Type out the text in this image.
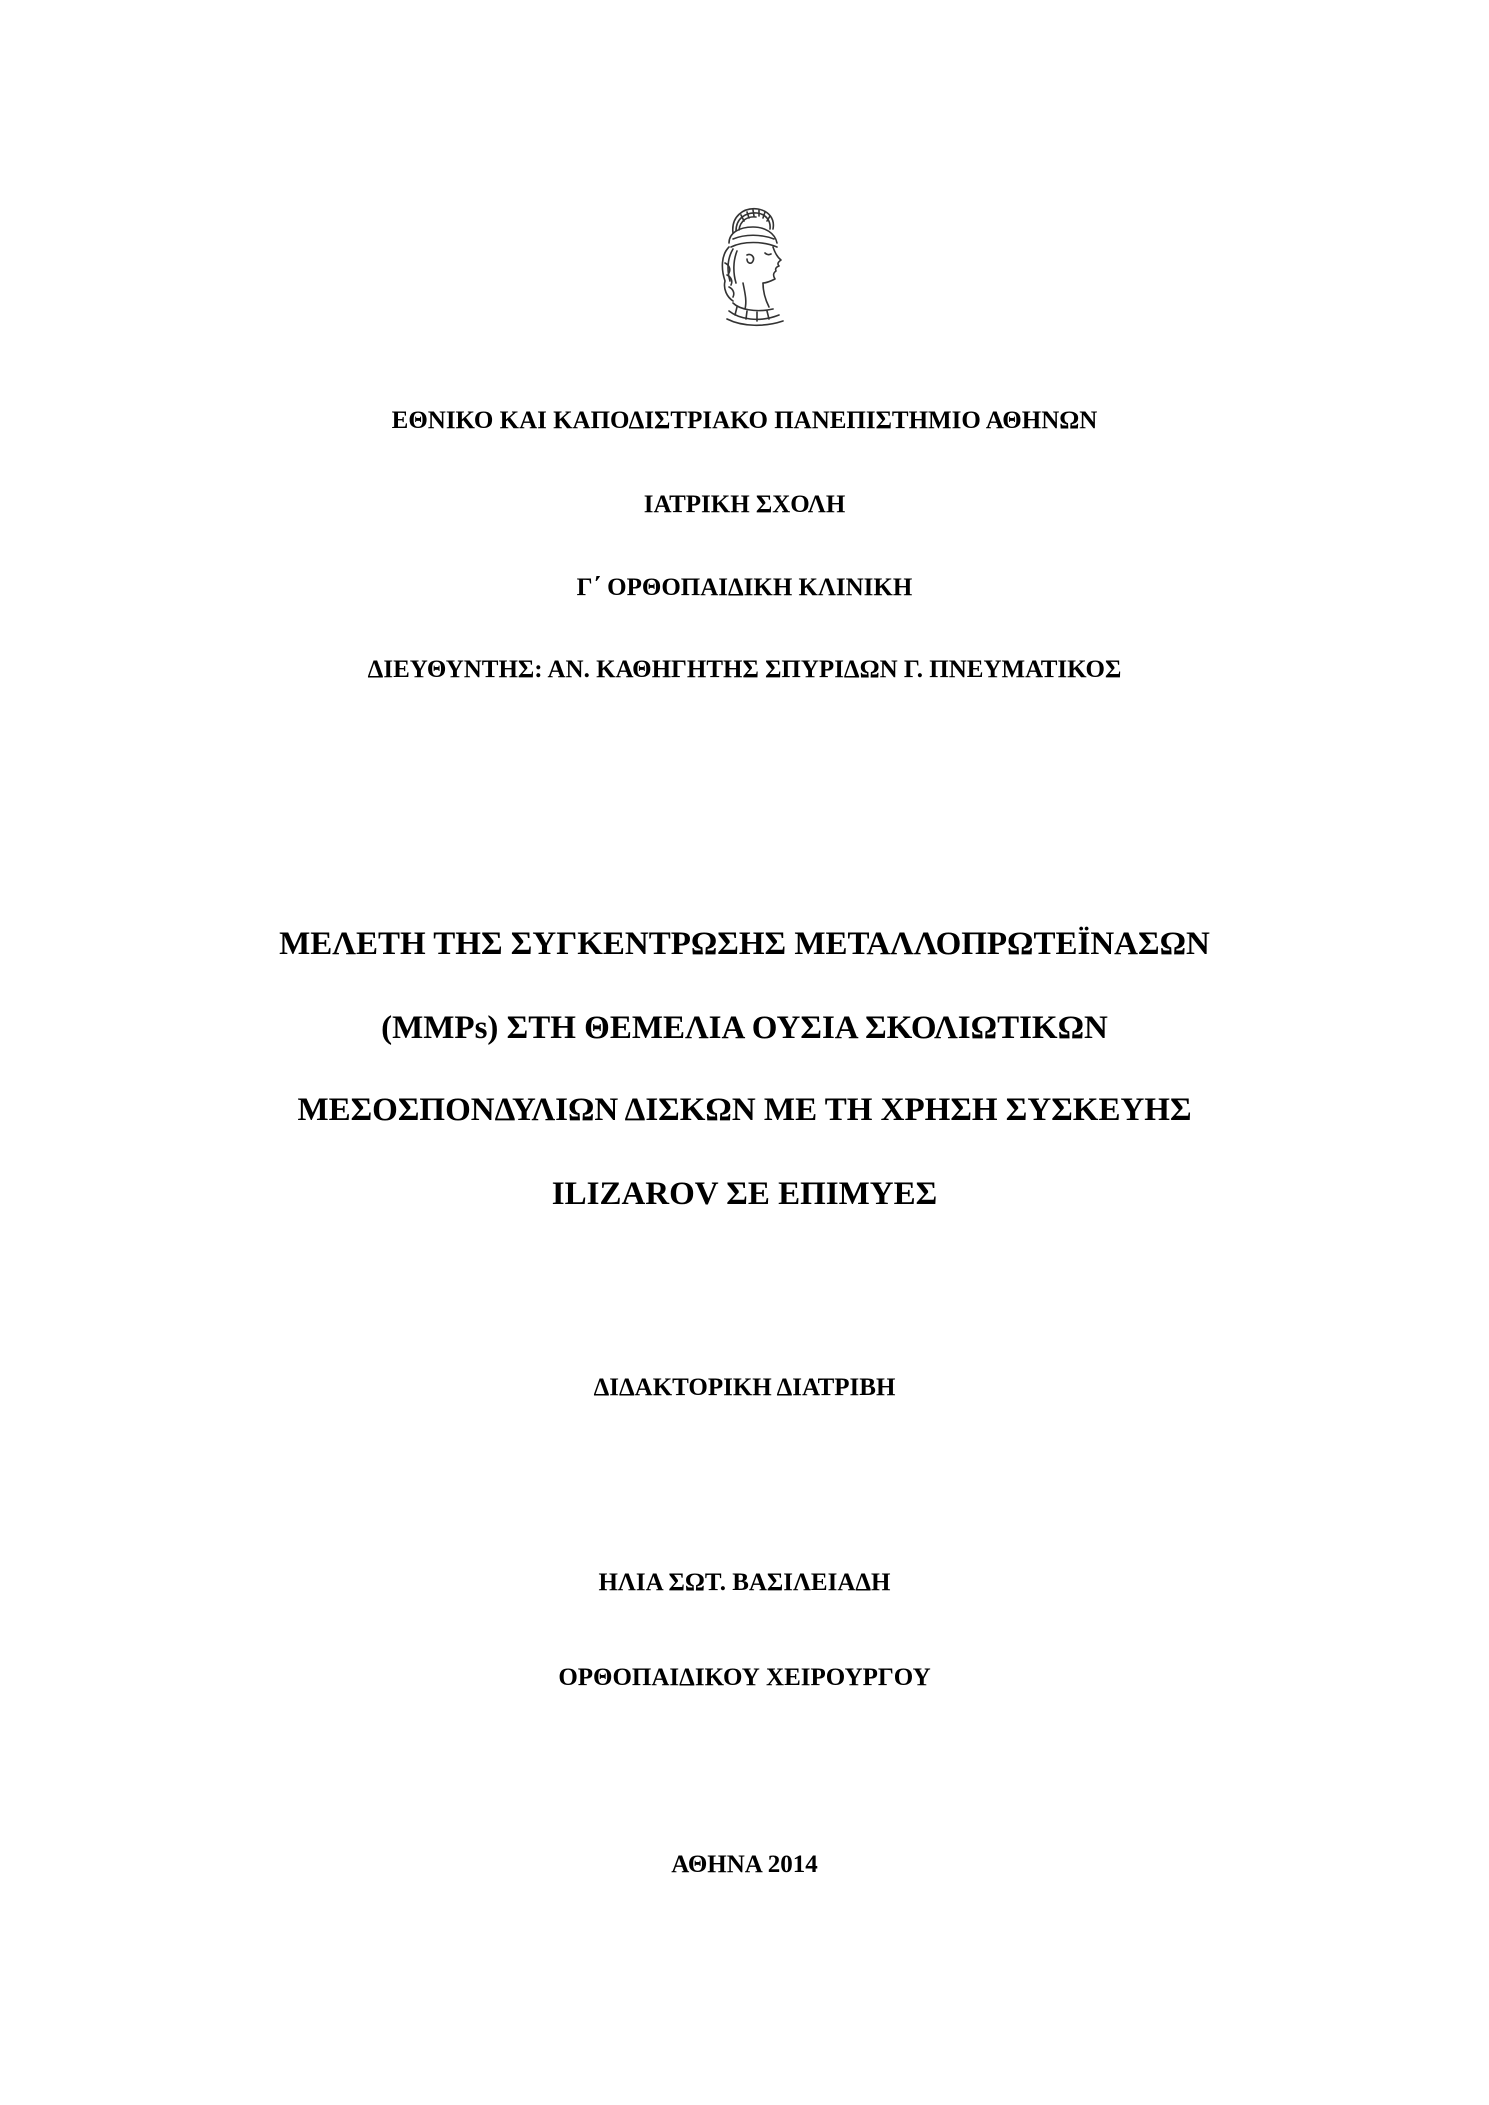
ΕΘΝΙΚΟ ΚΑΙ ΚΑΠΟΔΙΣΤΡΙΑΚΟ ΠΑΝΕΠΙΣΤΗΜΙΟ ΑΘΗΝΩΝ
ΙΑΤΡΙΚΗ ΣΧΟΛΗ
Γ΄ ΟΡΘΟΠΑΙΔΙΚΗ ΚΛΙΝΙΚΗ
ΔΙΕΥΘΥΝΤΗΣ: ΑΝ. ΚΑΘΗΓΗΤΗΣ ΣΠΥΡΙΔΩΝ Γ. ΠΝΕΥΜΑΤΙΚΟΣ
ΜΕΛΕΤΗ ΤΗΣ ΣΥΓΚΕΝΤΡΩΣΗΣ ΜΕΤΑΛΛΟΠΡΩΤΕΪΝΑΣΩΝ
(MMPs) ΣΤΗ ΘΕΜΕΛΙΑ ΟΥΣΙΑ ΣΚΟΛΙΩΤΙΚΩΝ
ΜΕΣΟΣΠΟΝΔΥΛΙΩΝ ΔΙΣΚΩΝ ΜΕ ΤΗ ΧΡΗΣΗ ΣΥΣΚΕΥΗΣ
ILIZAROV ΣΕ ΕΠΙΜΥΕΣ
ΔΙΔΑΚΤΟΡΙΚΗ ΔΙΑΤΡΙΒΗ
ΗΛΙΑ ΣΩΤ. ΒΑΣΙΛΕΙΑΔΗ
ΟΡΘΟΠΑΙΔΙΚΟΥ ΧΕΙΡΟΥΡΓΟΥ
ΑΘΗΝΑ 2014
